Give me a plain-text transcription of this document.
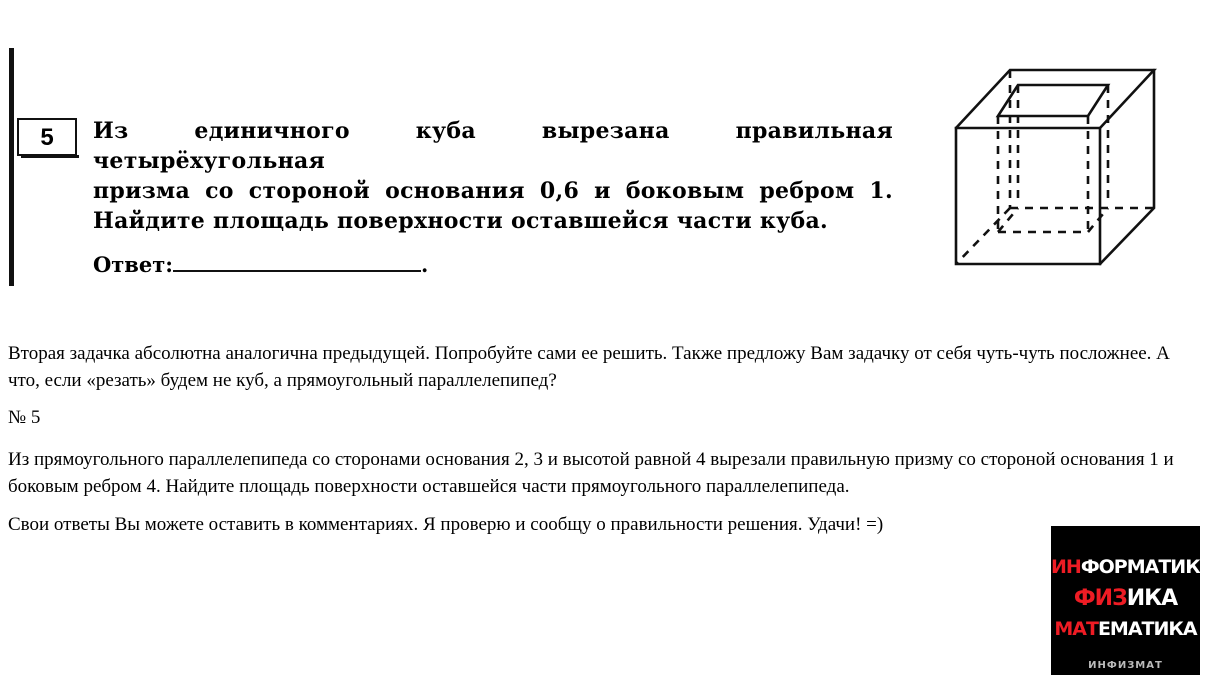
5	Из единичного куба вырезана правильная четырёхугольная
призма со стороной основания 0,6 и боковым ребром 1.
Найдите площадь поверхности оставшейся части куба.
Ответ:	.
Вторая задачка абсолютна аналогична предыдущей. Попробуйте сами ее решить. Также предложу Вам задачку от себя чуть-чуть посложнее. А что, если «резать» будем не куб, а прямоугольный параллелепипед?
№ 5
Из прямоугольного параллелепипеда со сторонами основания 2, 3 и высотой равной 4 вырезали правильную призму со стороной основания 1 и боковым ребром 4. Найдите площадь поверхности оставшейся части прямоугольного параллелепипеда.
Свои ответы Вы можете оставить в комментариях. Я проверю и сообщу о правильности решения. Удачи! =)
ИНФОРМАТИКА
ФИЗИКА
МАТЕМАТИКА
ИНФИЗМАТ
